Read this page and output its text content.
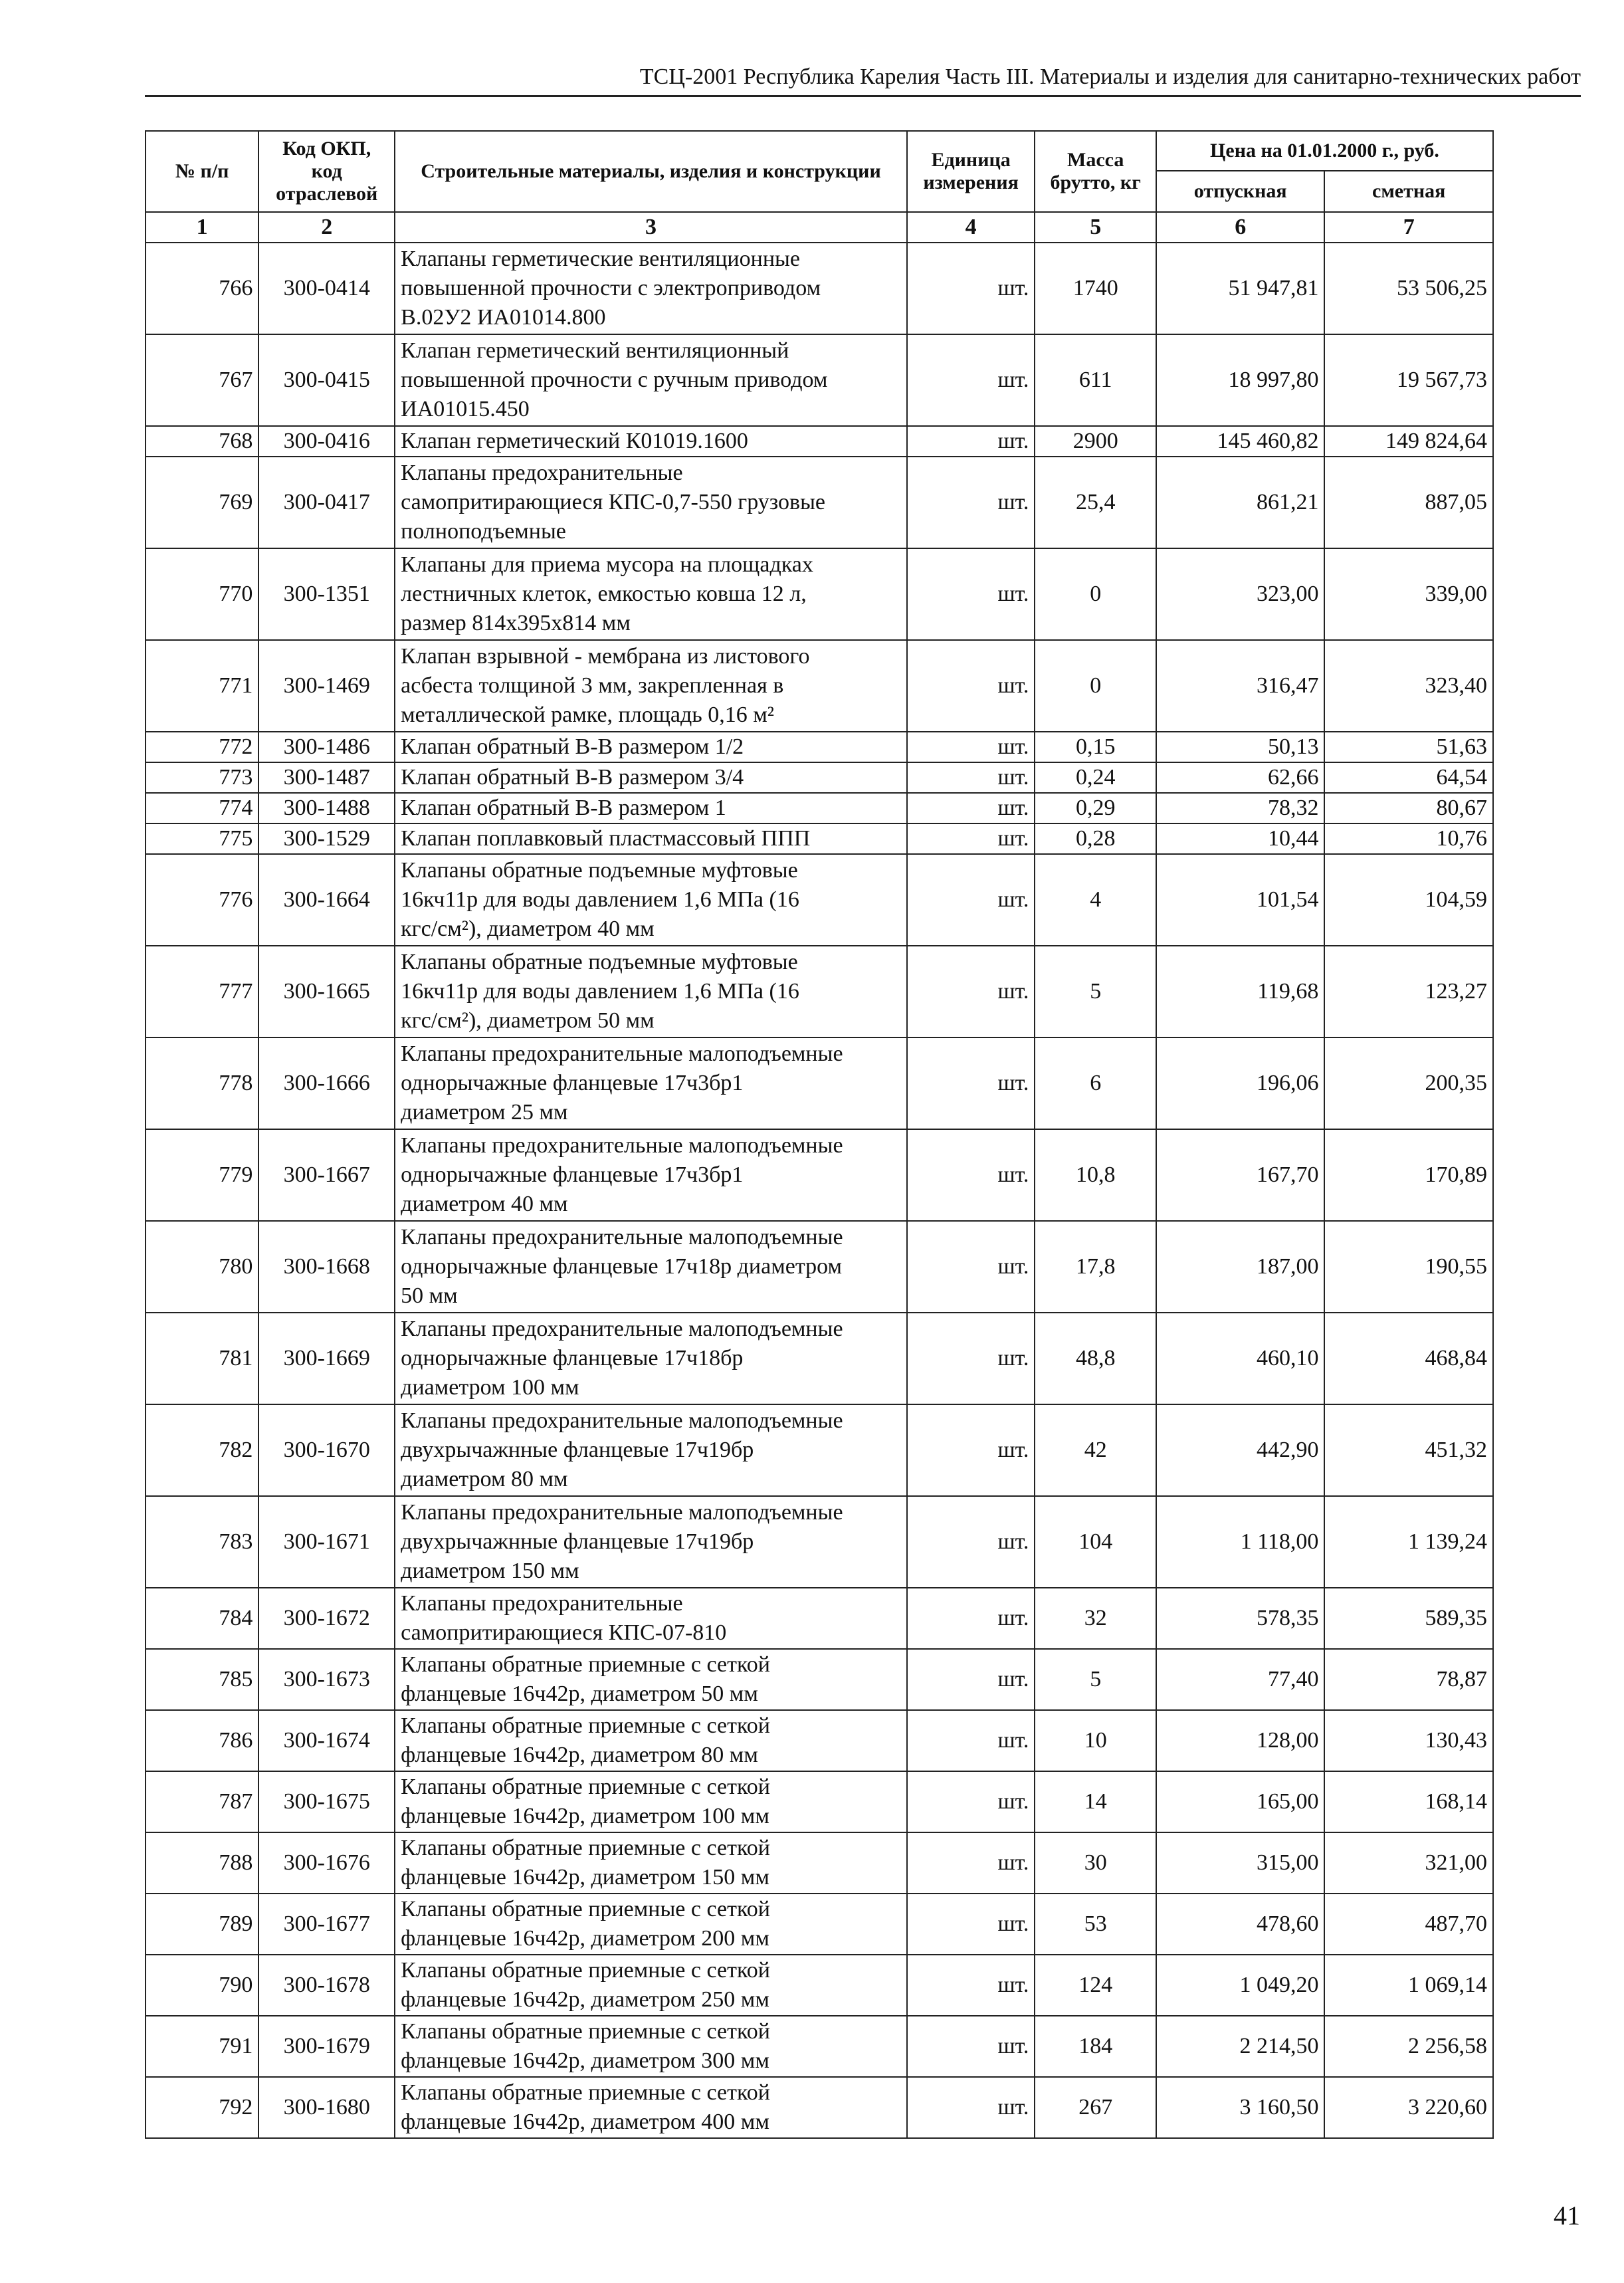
ТСЦ-2001 Республика Карелия Часть III. Материалы и изделия для санитарно-технических работ
№ п/п	Код ОКП,
код
отраслевой	Строительные материалы, изделия и конструкции	Единица измерения	Масса брутто, кг	Цена на 01.01.2000 г., руб.	
					отпускная	сметная
1	2	3	4	5	6	7
766	300-0414	Клапаны герметические вентиляционные
повышенной прочности с электроприводом
В.02У2 ИА01014.800	шт.	1740	51 947,81	53 506,25
767	300-0415	Клапан герметический вентиляционный
повышенной прочности с ручным приводом
ИА01015.450	шт.	611	18 997,80	19 567,73
768	300-0416	Клапан герметический К01019.1600	шт.	2900	145 460,82	149 824,64
769	300-0417	Клапаны предохранительные
самопритирающиеся КПС-0,7-550 грузовые
полноподъемные	шт.	25,4	861,21	887,05
770	300-1351	Клапаны для приема мусора на площадках
лестничных клеток, емкостью ковша 12 л,
размер 814х395х814 мм	шт.	0	323,00	339,00
771	300-1469	Клапан взрывной - мембрана из листового
асбеста толщиной 3 мм, закрепленная в
металлической рамке, площадь 0,16 м²	шт.	0	316,47	323,40
772	300-1486	Клапан обратный В-В размером 1/2	шт.	0,15	50,13	51,63
773	300-1487	Клапан обратный В-В размером 3/4	шт.	0,24	62,66	64,54
774	300-1488	Клапан обратный В-В размером 1	шт.	0,29	78,32	80,67
775	300-1529	Клапан поплавковый пластмассовый ППП	шт.	0,28	10,44	10,76
776	300-1664	Клапаны обратные подъемные муфтовые
16кч11р для воды давлением 1,6 МПа (16
кгс/см²), диаметром 40 мм	шт.	4	101,54	104,59
777	300-1665	Клапаны обратные подъемные муфтовые
16кч11р для воды давлением 1,6 МПа (16
кгс/см²), диаметром 50 мм	шт.	5	119,68	123,27
778	300-1666	Клапаны предохранительные малоподъемные
однорычажные фланцевые 17ч3бр1
диаметром 25 мм	шт.	6	196,06	200,35
779	300-1667	Клапаны предохранительные малоподъемные
однорычажные фланцевые 17ч3бр1
диаметром 40 мм	шт.	10,8	167,70	170,89
780	300-1668	Клапаны предохранительные малоподъемные
однорычажные фланцевые 17ч18р диаметром
50 мм	шт.	17,8	187,00	190,55
781	300-1669	Клапаны предохранительные малоподъемные
однорычажные фланцевые 17ч18бр
диаметром 100 мм	шт.	48,8	460,10	468,84
782	300-1670	Клапаны предохранительные малоподъемные
двухрычажнные фланцевые 17ч19бр
диаметром 80 мм	шт.	42	442,90	451,32
783	300-1671	Клапаны предохранительные малоподъемные
двухрычажнные фланцевые 17ч19бр
диаметром 150 мм	шт.	104	1 118,00	1 139,24
784	300-1672	Клапаны предохранительные
самопритирающиеся КПС-07-810	шт.	32	578,35	589,35
785	300-1673	Клапаны обратные приемные с сеткой
фланцевые 16ч42р, диаметром 50 мм	шт.	5	77,40	78,87
786	300-1674	Клапаны обратные приемные с сеткой
фланцевые 16ч42р, диаметром 80 мм	шт.	10	128,00	130,43
787	300-1675	Клапаны обратные приемные с сеткой
фланцевые 16ч42р, диаметром 100 мм	шт.	14	165,00	168,14
788	300-1676	Клапаны обратные приемные с сеткой
фланцевые 16ч42р, диаметром 150 мм	шт.	30	315,00	321,00
789	300-1677	Клапаны обратные приемные с сеткой
фланцевые 16ч42р, диаметром 200 мм	шт.	53	478,60	487,70
790	300-1678	Клапаны обратные приемные с сеткой
фланцевые 16ч42р, диаметром 250 мм	шт.	124	1 049,20	1 069,14
791	300-1679	Клапаны обратные приемные с сеткой
фланцевые 16ч42р, диаметром 300 мм	шт.	184	2 214,50	2 256,58
792	300-1680	Клапаны обратные приемные с сеткой
фланцевые 16ч42р, диаметром 400 мм	шт.	267	3 160,50	3 220,60
41
